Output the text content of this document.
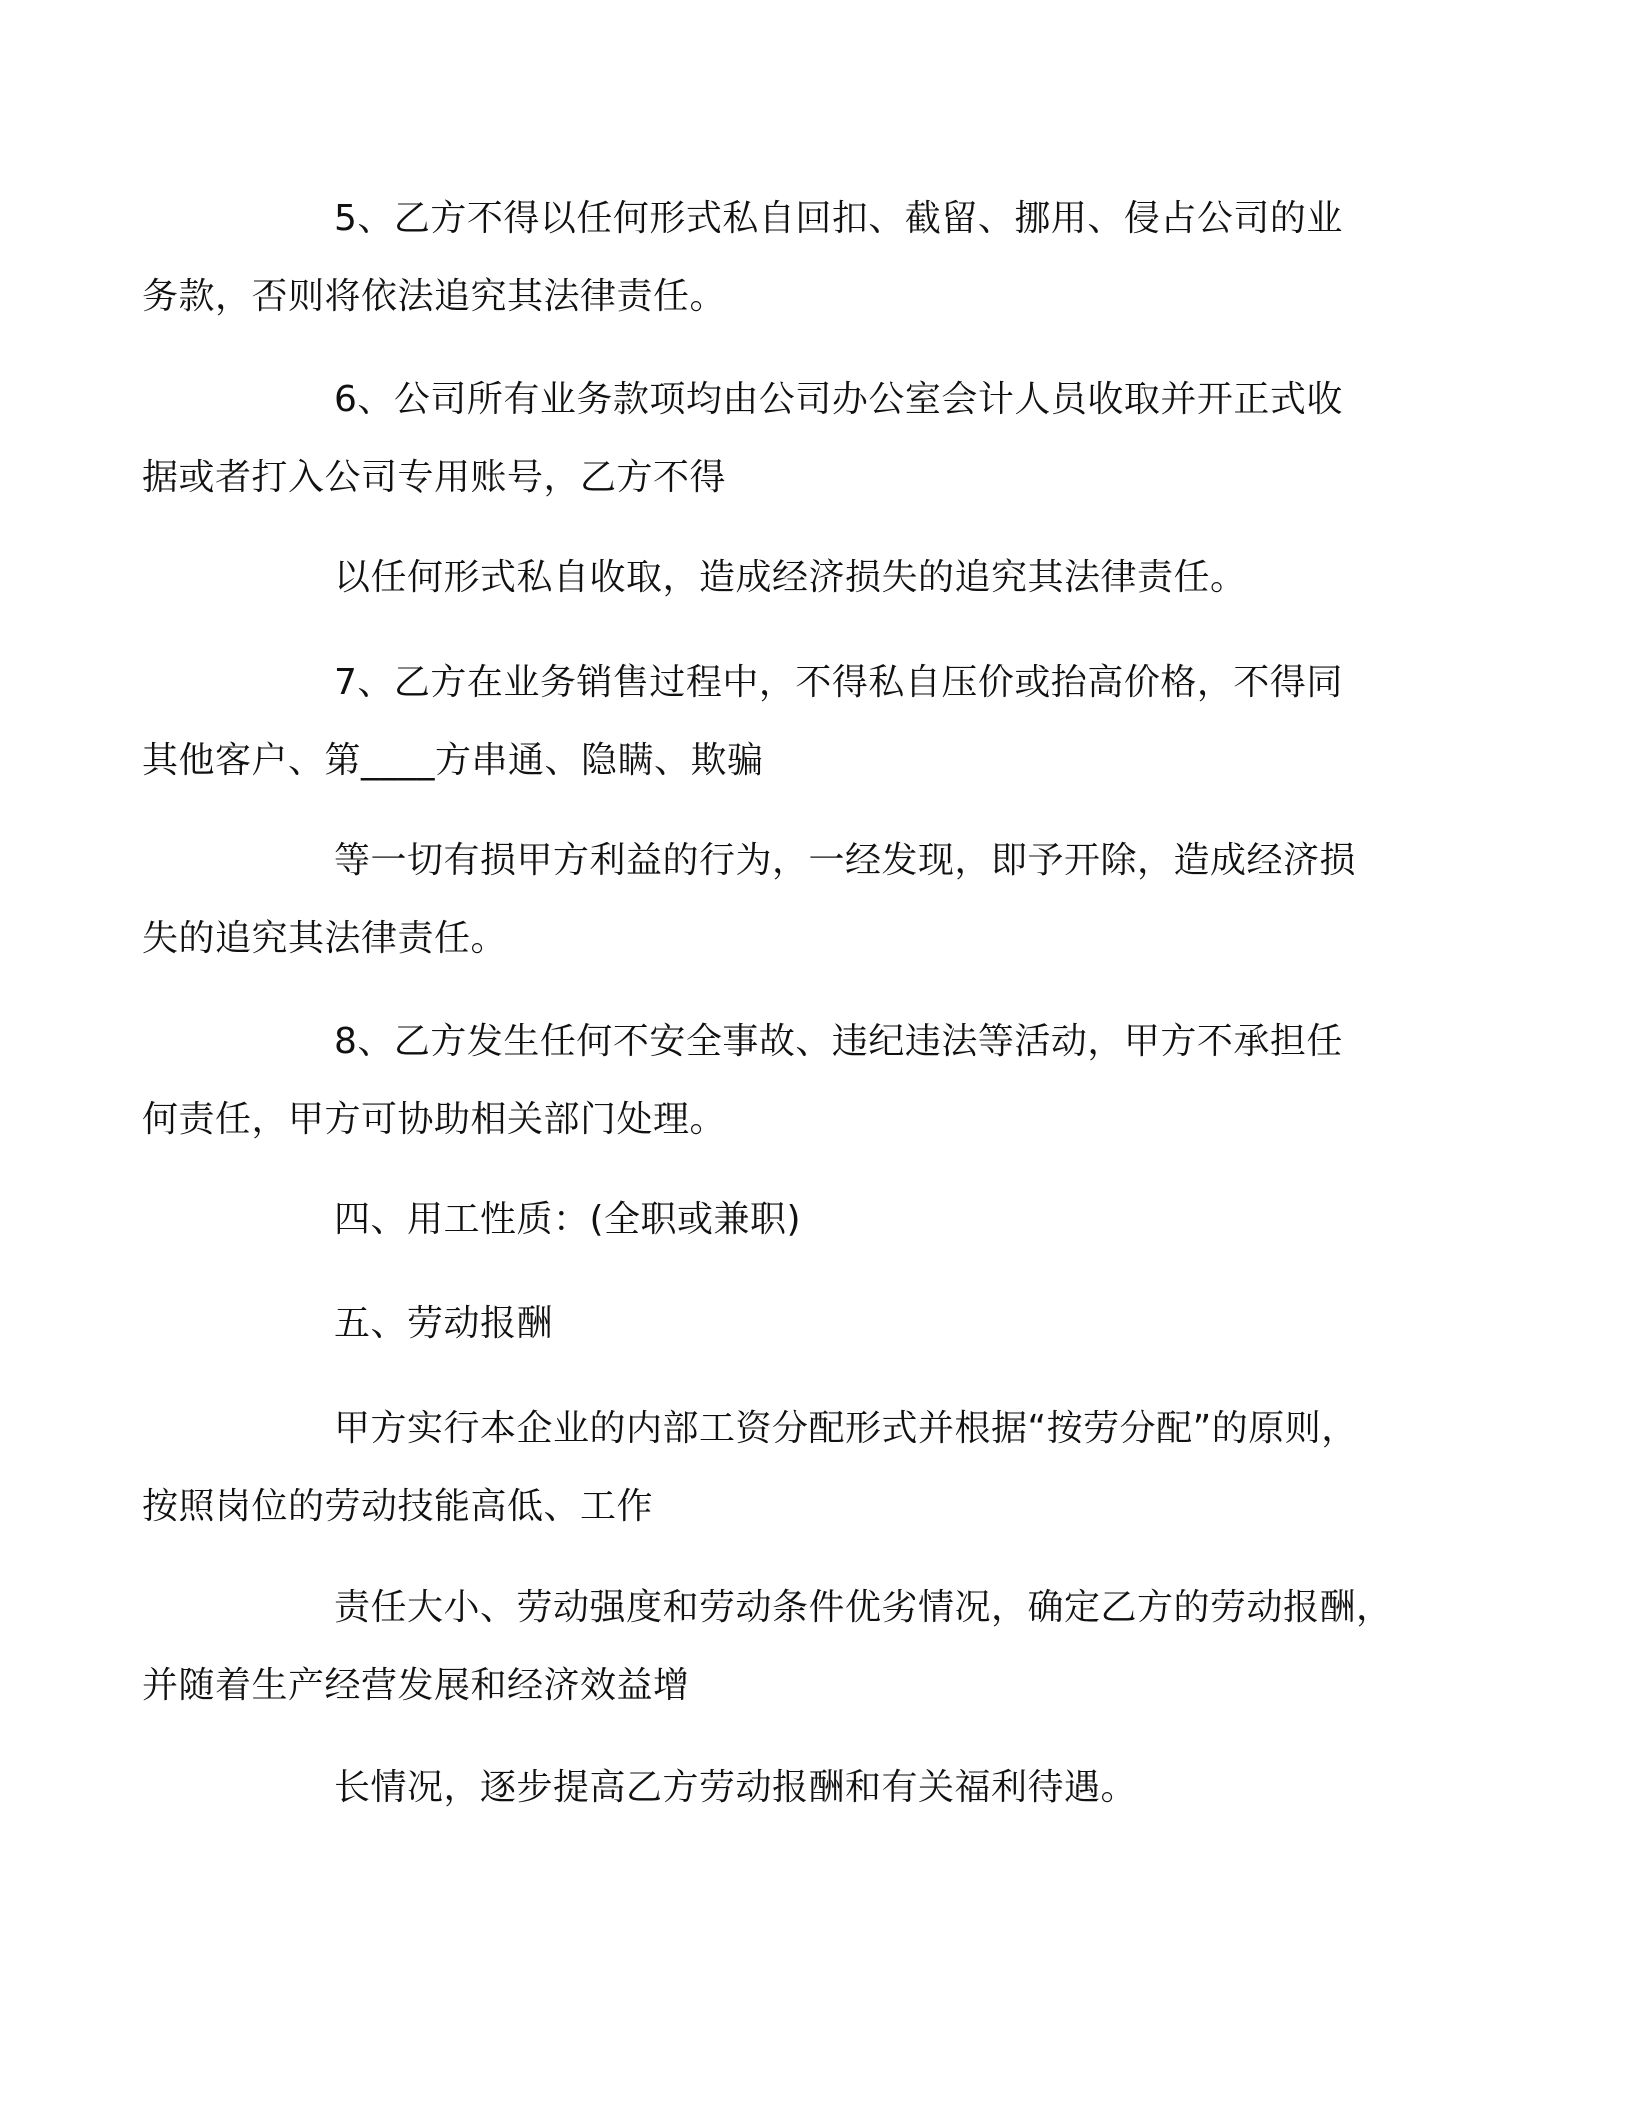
5、乙方不得以任何形式私自回扣、截留、挪用、侵占公司的业
务款，否则将依法追究其法律责任。

6、公司所有业务款项均由公司办公室会计人员收取并开正式收
据或者打入公司专用账号，乙方不得

以任何形式私自收取，造成经济损失的追究其法律责任。

7、乙方在业务销售过程中，不得私自压价或抬高价格，不得同
其他客户、第____方串通、隐瞒、欺骗

等一切有损甲方利益的行为，一经发现，即予开除，造成经济损
失的追究其法律责任。

8、乙方发生任何不安全事故、违纪违法等活动，甲方不承担任
何责任，甲方可协助相关部门处理。

四、用工性质：(全职或兼职)

五、劳动报酬

甲方实行本企业的内部工资分配形式并根据“按劳分配”的原则，
按照岗位的劳动技能高低、工作

责任大小、劳动强度和劳动条件优劣情况，确定乙方的劳动报酬，
并随着生产经营发展和经济效益增

长情况，逐步提高乙方劳动报酬和有关福利待遇。
